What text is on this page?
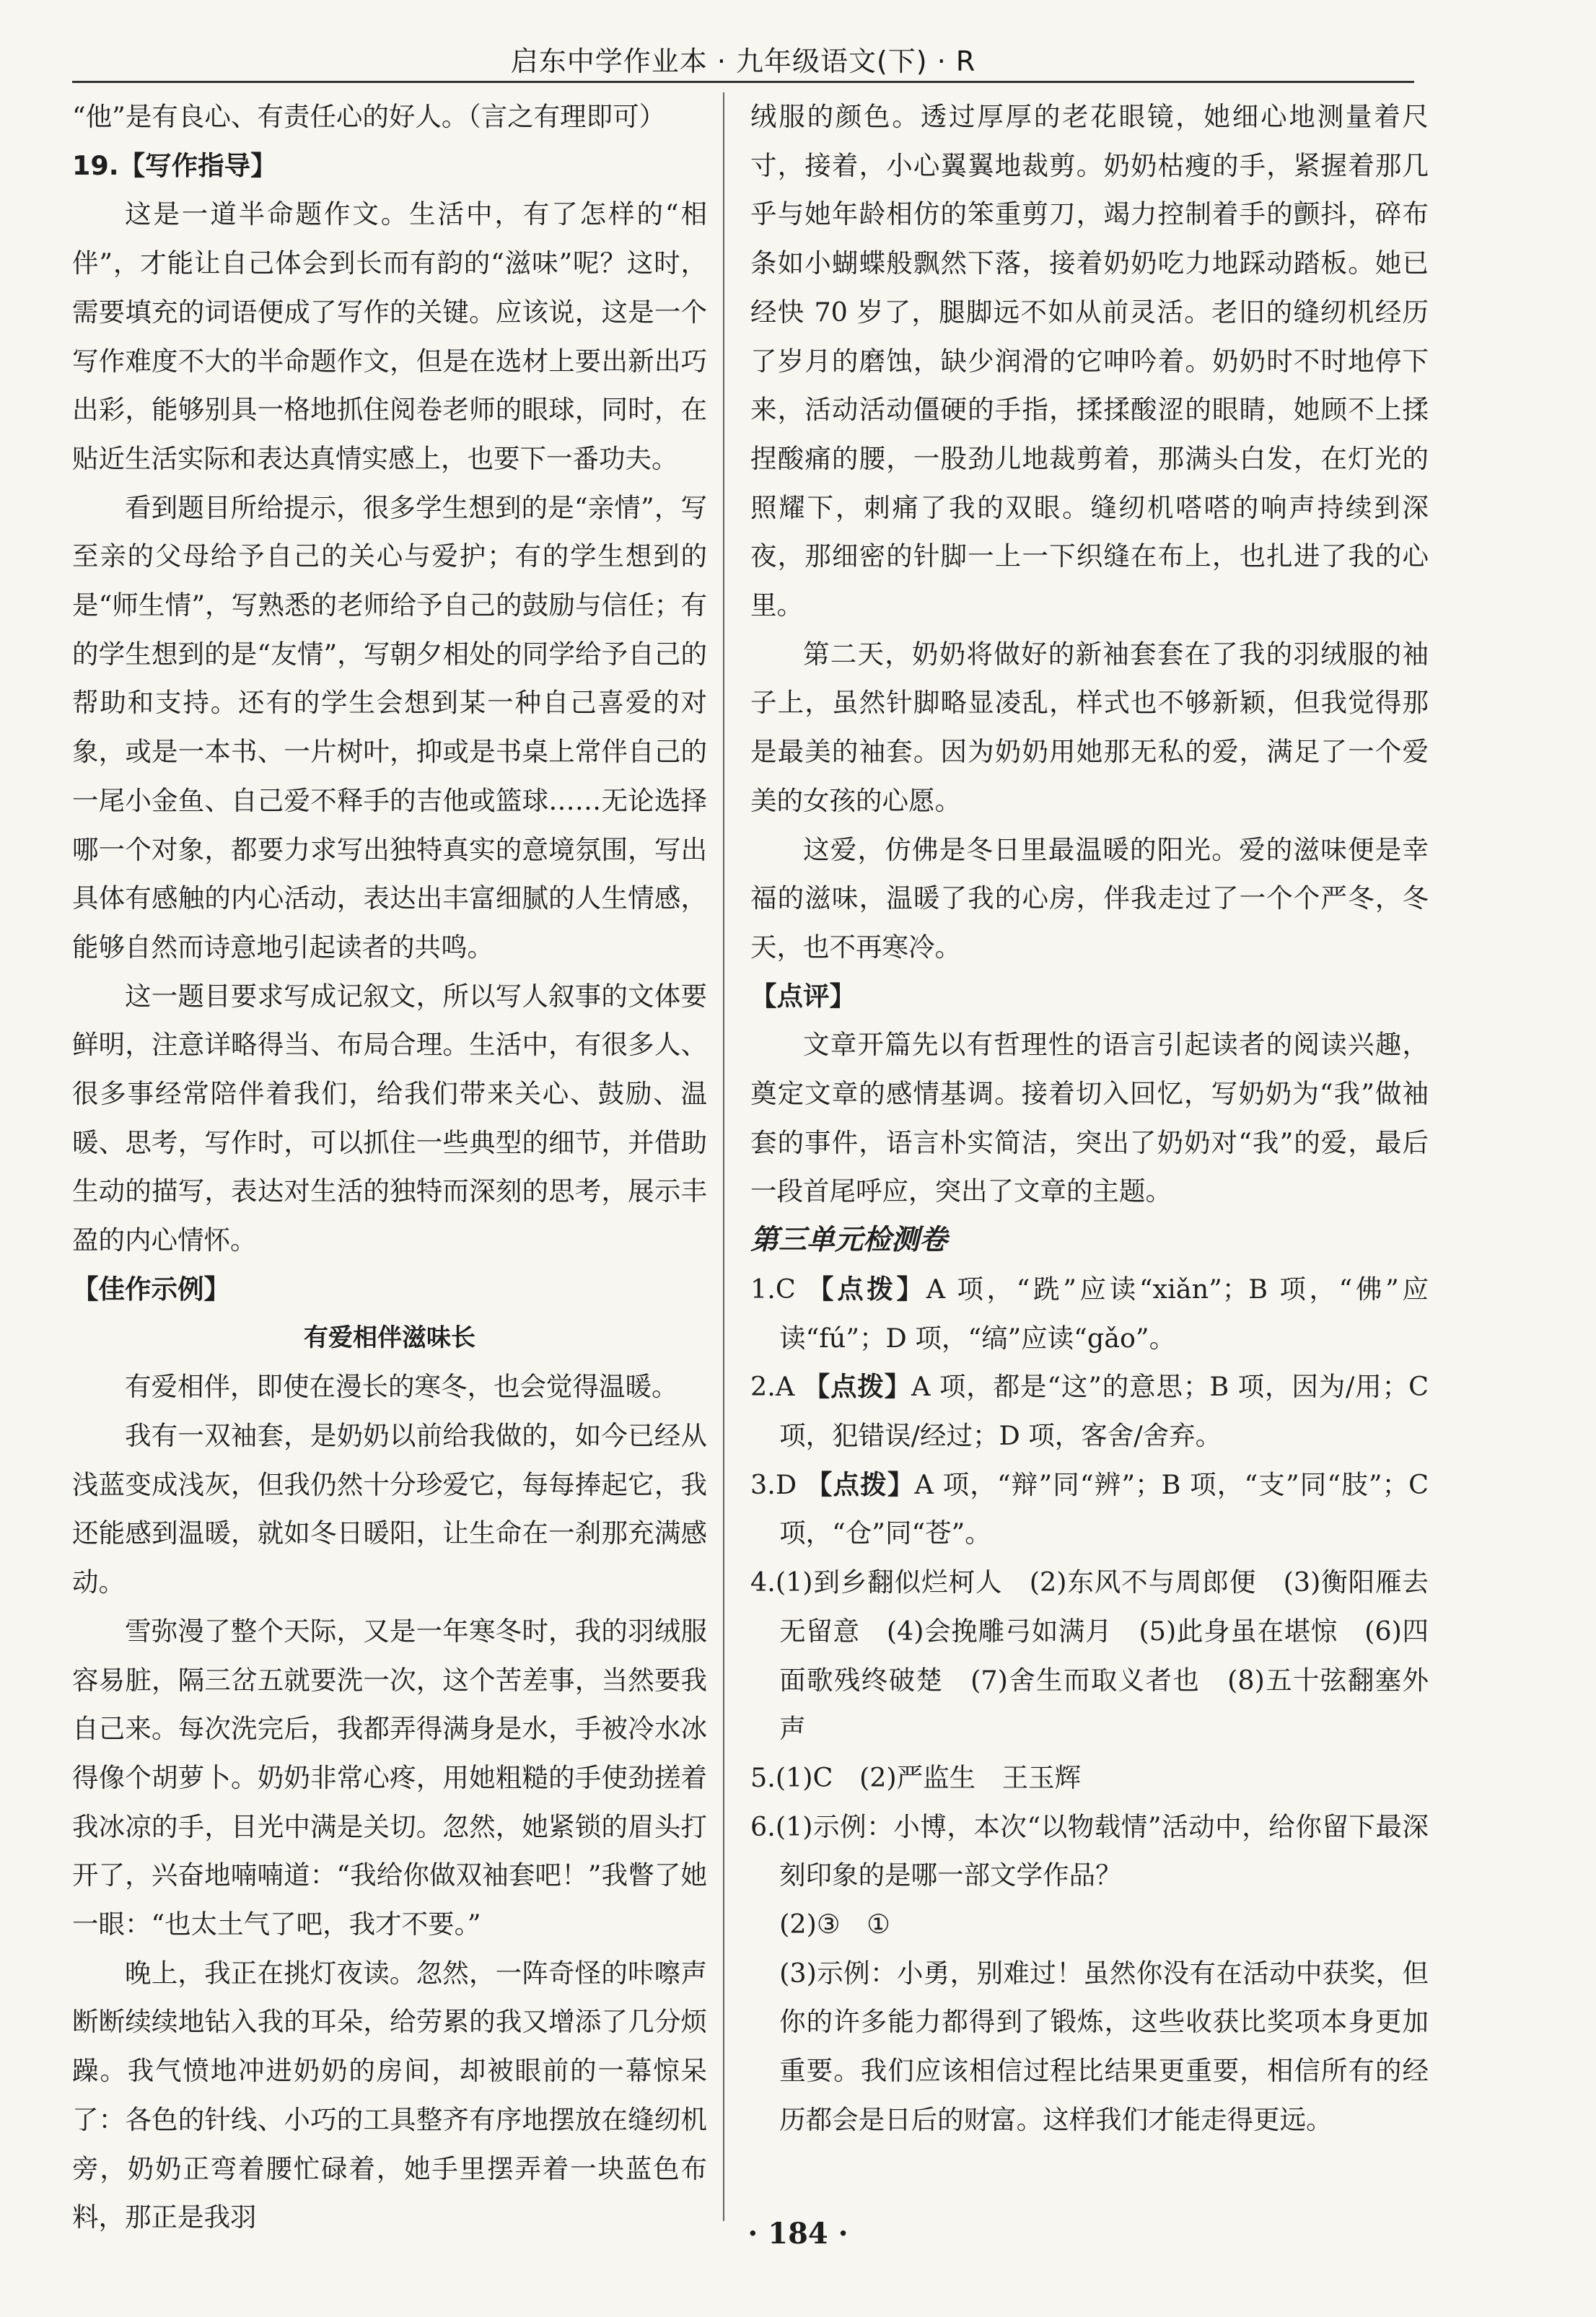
启东中学作业本 · 九年级语文(下) · R

“他”是有良心、有责任心的好人。（言之有理即可）

19.【写作指导】

这是一道半命题作文。生活中，有了怎样的“相伴”，才能让自己体会到长而有韵的“滋味”呢？这时，需要填充的词语便成了写作的关键。应该说，这是一个写作难度不大的半命题作文，但是在选材上要出新出巧出彩，能够别具一格地抓住阅卷老师的眼球，同时，在贴近生活实际和表达真情实感上，也要下一番功夫。

看到题目所给提示，很多学生想到的是“亲情”，写至亲的父母给予自己的关心与爱护；有的学生想到的是“师生情”，写熟悉的老师给予自己的鼓励与信任；有的学生想到的是“友情”，写朝夕相处的同学给予自己的帮助和支持。还有的学生会想到某一种自己喜爱的对象，或是一本书、一片树叶，抑或是书桌上常伴自己的一尾小金鱼、自己爱不释手的吉他或篮球……无论选择哪一个对象，都要力求写出独特真实的意境氛围，写出具体有感触的内心活动，表达出丰富细腻的人生情感，能够自然而诗意地引起读者的共鸣。

这一题目要求写成记叙文，所以写人叙事的文体要鲜明，注意详略得当、布局合理。生活中，有很多人、很多事经常陪伴着我们，给我们带来关心、鼓励、温暖、思考，写作时，可以抓住一些典型的细节，并借助生动的描写，表达对生活的独特而深刻的思考，展示丰盈的内心情怀。

【佳作示例】

有爱相伴滋味长

有爱相伴，即使在漫长的寒冬，也会觉得温暖。

我有一双袖套，是奶奶以前给我做的，如今已经从浅蓝变成浅灰，但我仍然十分珍爱它，每每捧起它，我还能感到温暖，就如冬日暖阳，让生命在一刹那充满感动。

雪弥漫了整个天际，又是一年寒冬时，我的羽绒服容易脏，隔三岔五就要洗一次，这个苦差事，当然要我自己来。每次洗完后，我都弄得满身是水，手被冷水冰得像个胡萝卜。奶奶非常心疼，用她粗糙的手使劲搓着我冰凉的手，目光中满是关切。忽然，她紧锁的眉头打开了，兴奋地喃喃道：“我给你做双袖套吧！”我瞥了她一眼：“也太土气了吧，我才不要。”

晚上，我正在挑灯夜读。忽然，一阵奇怪的咔嚓声断断续续地钻入我的耳朵，给劳累的我又增添了几分烦躁。我气愤地冲进奶奶的房间，却被眼前的一幕惊呆了：各色的针线、小巧的工具整齐有序地摆放在缝纫机旁，奶奶正弯着腰忙碌着，她手里摆弄着一块蓝色布料，那正是我羽

绒服的颜色。透过厚厚的老花眼镜，她细心地测量着尺寸，接着，小心翼翼地裁剪。奶奶枯瘦的手，紧握着那几乎与她年龄相仿的笨重剪刀，竭力控制着手的颤抖，碎布条如小蝴蝶般飘然下落，接着奶奶吃力地踩动踏板。她已经快 70 岁了，腿脚远不如从前灵活。老旧的缝纫机经历了岁月的磨蚀，缺少润滑的它呻吟着。奶奶时不时地停下来，活动活动僵硬的手指，揉揉酸涩的眼睛，她顾不上揉捏酸痛的腰，一股劲儿地裁剪着，那满头白发，在灯光的照耀下，刺痛了我的双眼。缝纫机嗒嗒的响声持续到深夜，那细密的针脚一上一下织缝在布上，也扎进了我的心里。

第二天，奶奶将做好的新袖套套在了我的羽绒服的袖子上，虽然针脚略显凌乱，样式也不够新颖，但我觉得那是最美的袖套。因为奶奶用她那无私的爱，满足了一个爱美的女孩的心愿。

这爱，仿佛是冬日里最温暖的阳光。爱的滋味便是幸福的滋味，温暖了我的心房，伴我走过了一个个严冬，冬天，也不再寒冷。

【点评】

文章开篇先以有哲理性的语言引起读者的阅读兴趣，奠定文章的感情基调。接着切入回忆，写奶奶为“我”做袖套的事件，语言朴实简洁，突出了奶奶对“我”的爱，最后一段首尾呼应，突出了文章的主题。

第三单元检测卷

1.C 【点拨】A 项，“跣”应读“xiǎn”；B 项，“佛”应读“fú”；D 项，“缟”应读“gǎo”。

2.A 【点拨】A 项，都是“这”的意思；B 项，因为/用；C 项，犯错误/经过；D 项，客舍/舍弃。

3.D 【点拨】A 项，“辩”同“辨”；B 项，“支”同“肢”；C 项，“仓”同“苍”。

4.(1)到乡翻似烂柯人　(2)东风不与周郎便　(3)衡阳雁去无留意　(4)会挽雕弓如满月　(5)此身虽在堪惊　(6)四面歌残终破楚　(7)舍生而取义者也　(8)五十弦翻塞外声

5.(1)C　(2)严监生　王玉辉

6.(1)示例：小博，本次“以物载情”活动中，给你留下最深刻印象的是哪一部文学作品？

(2)③　①

(3)示例：小勇，别难过！虽然你没有在活动中获奖，但你的许多能力都得到了锻炼，这些收获比奖项本身更加重要。我们应该相信过程比结果更重要，相信所有的经历都会是日后的财富。这样我们才能走得更远。

· 184 ·
